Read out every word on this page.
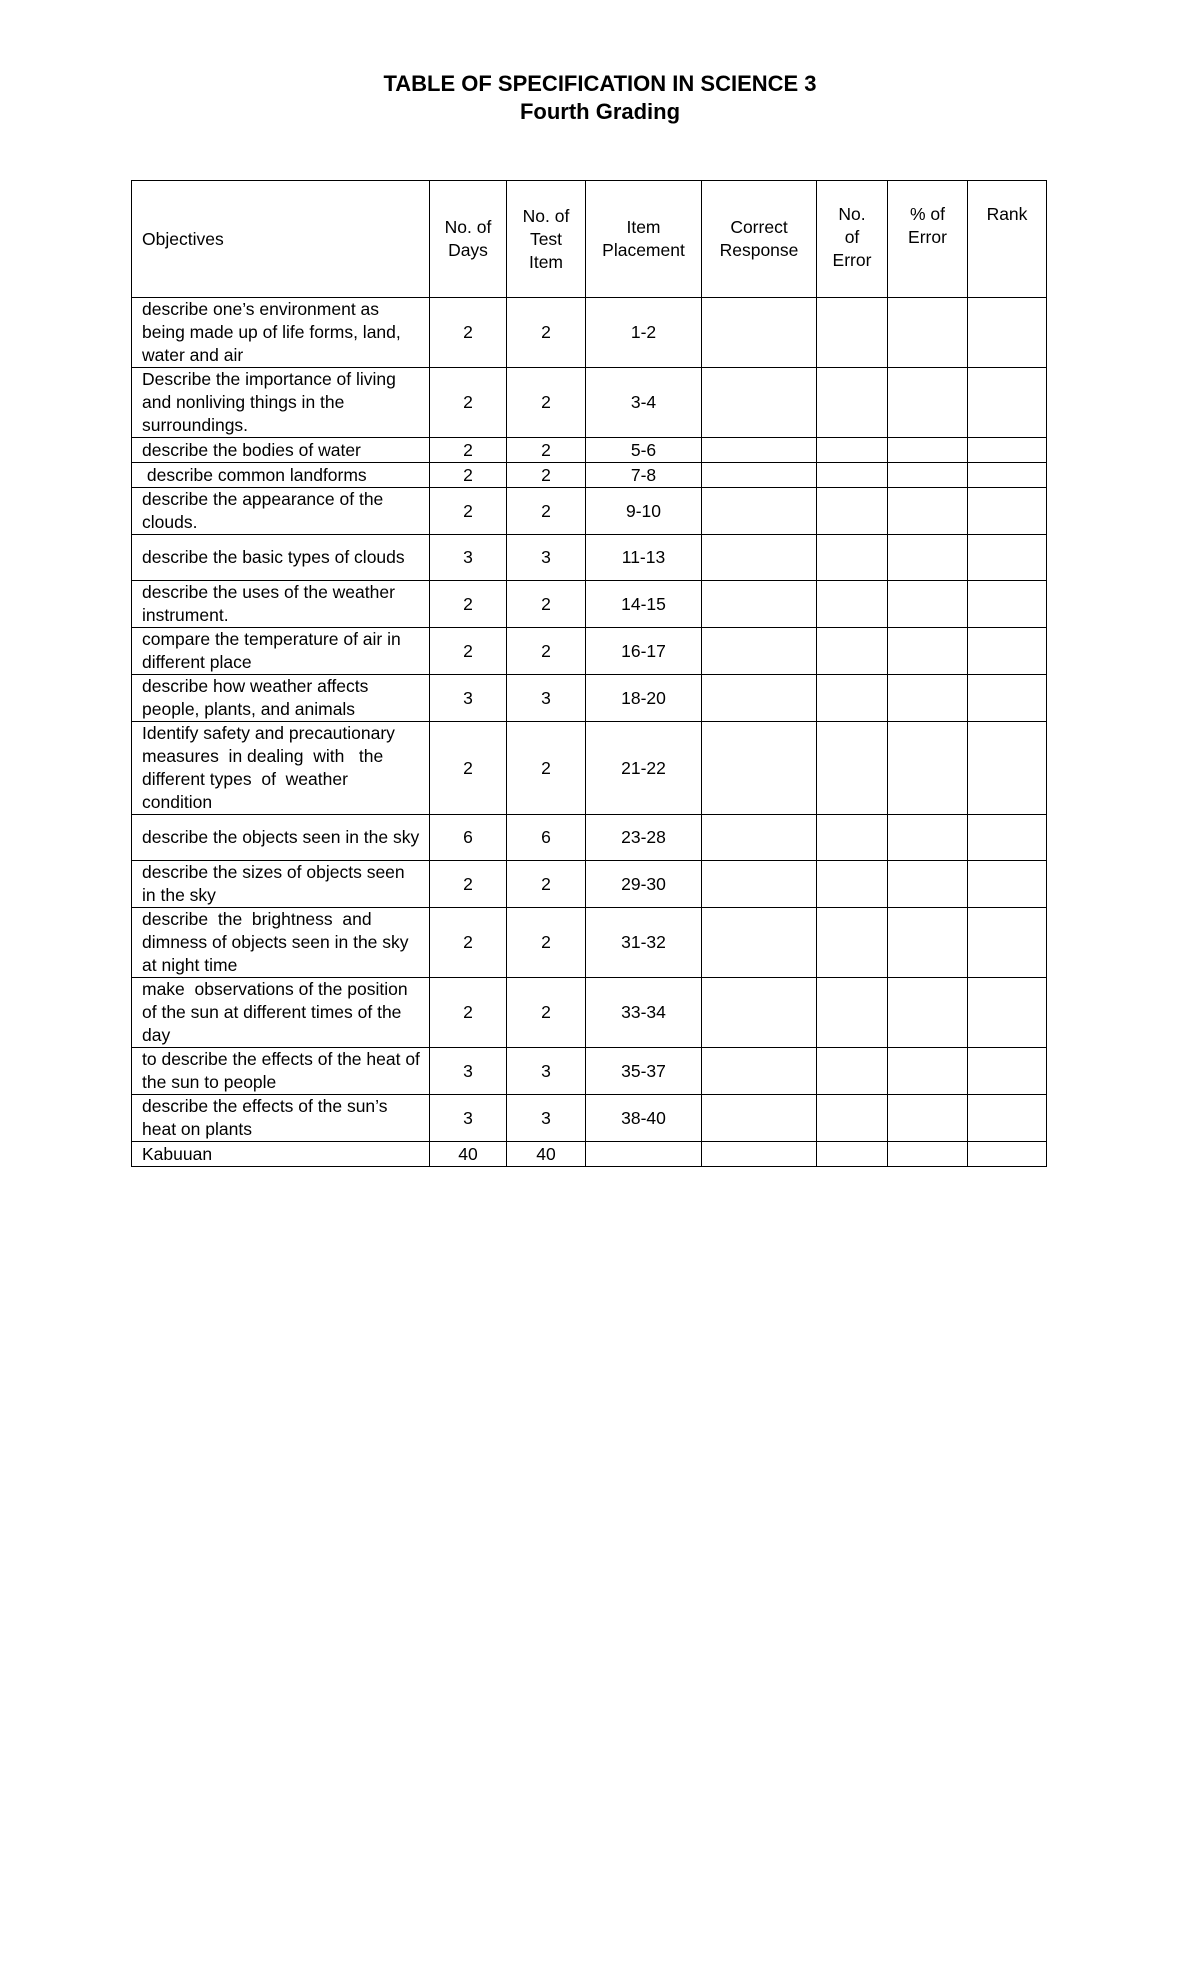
TABLE OF SPECIFICATION IN SCIENCE 3
Fourth Grading
Objectives	No. of Days	No. of Test Item	Item Placement	Correct Response	No. of Error	% of Error	Rank
describe one’s environment as being made up of life forms, land, water and air	2	2	1-2				
Describe the importance of living and nonliving things in the surroundings.	2	2	3-4				
describe the bodies of water	2	2	5-6				
describe common landforms	2	2	7-8				
describe the appearance of the clouds.	2	2	9-10				
describe the basic types of clouds	3	3	11-13				
describe the uses of the weather  instrument.	2	2	14-15				
compare the temperature of air in different place	2	2	16-17				
describe how weather affects people, plants, and animals	3	3	18-20				
Identify safety and precautionary  measures  in dealing  with   the  different types  of  weather condition	2	2	21-22				
describe the objects seen in the sky	6	6	23-28				
describe the sizes of objects seen in the sky	2	2	29-30				
describe  the  brightness  and dimness of objects seen in the sky at night time	2	2	31-32				
make  observations of the position of the sun at different times of the day	2	2	33-34				
to describe the effects of the heat of the sun to people	3	3	35-37				
describe the effects of the sun’s heat on plants	3	3	38-40				
Kabuuan	40	40					
